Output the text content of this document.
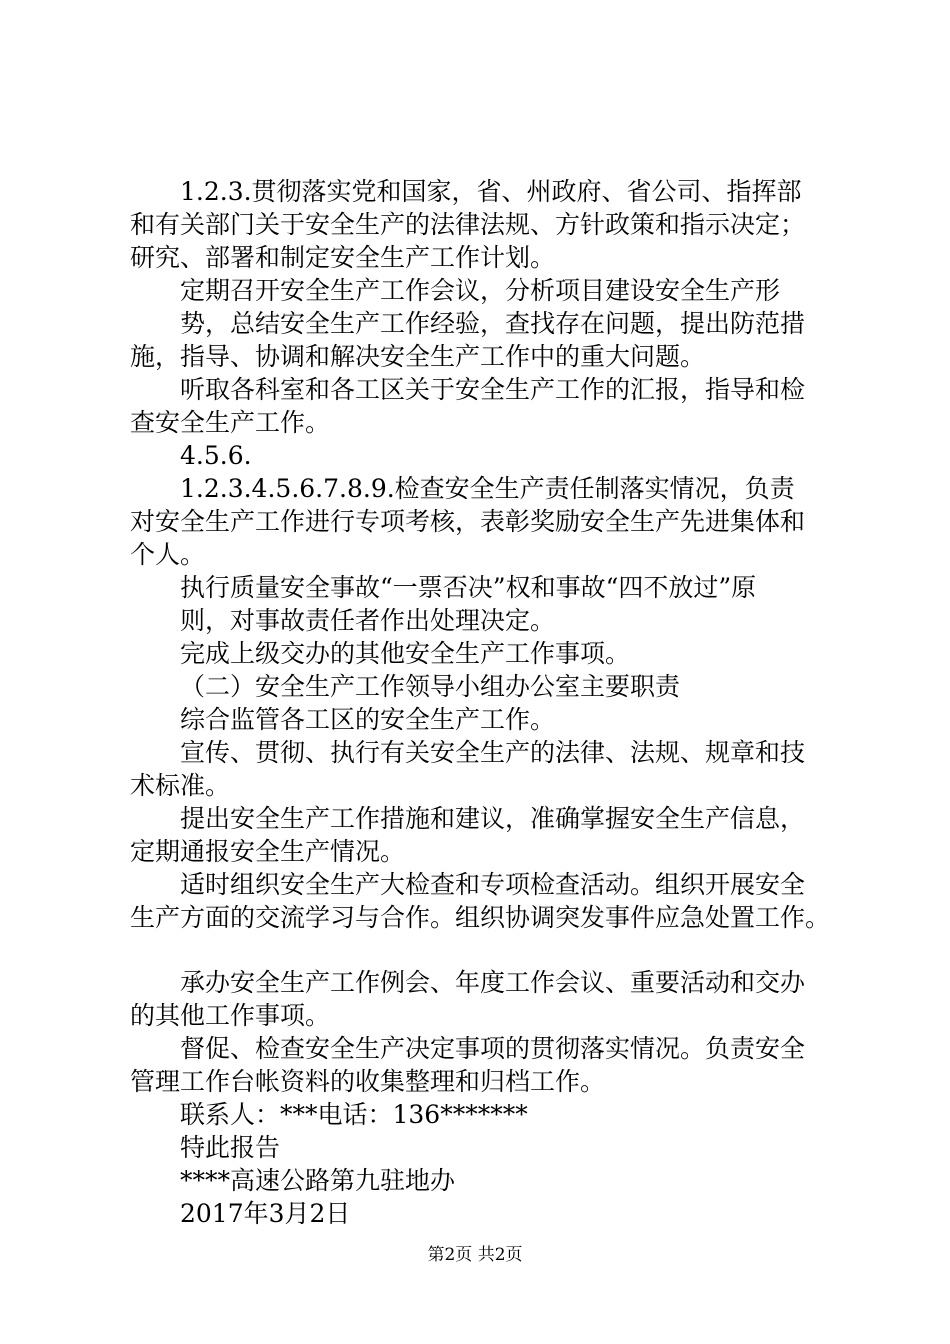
1.2.3.贯彻落实党和国家，省、州政府、省公司、指挥部

和有关部门关于安全生产的法律法规、方针政策和指示决定；

研究、部署和制定安全生产工作计划。

定期召开安全生产工作会议，分析项目建设安全生产形

势，总结安全生产工作经验，查找存在问题，提出防范措

施，指导、协调和解决安全生产工作中的重大问题。

听取各科室和各工区关于安全生产工作的汇报，指导和检

查安全生产工作。

4.5.6.

1.2.3.4.5.6.7.8.9.检查安全生产责任制落实情况，负责

对安全生产工作进行专项考核，表彰奖励安全生产先进集体和

个人。

执行质量安全事故“一票否决”权和事故“四不放过”原

则，对事故责任者作出处理决定。

完成上级交办的其他安全生产工作事项。

（二）安全生产工作领导小组办公室主要职责

综合监管各工区的安全生产工作。

宣传、贯彻、执行有关安全生产的法律、法规、规章和技

术标准。

提出安全生产工作措施和建议，准确掌握安全生产信息，

定期通报安全生产情况。

适时组织安全生产大检查和专项检查活动。组织开展安全

生产方面的交流学习与合作。组织协调突发事件应急处置工作。

承办安全生产工作例会、年度工作会议、重要活动和交办

的其他工作事项。

督促、检查安全生产决定事项的贯彻落实情况。负责安全

管理工作台帐资料的收集整理和归档工作。

联系人：***电话：136*******

特此报告

****高速公路第九驻地办

2017年3月2日

第2页 共2页
